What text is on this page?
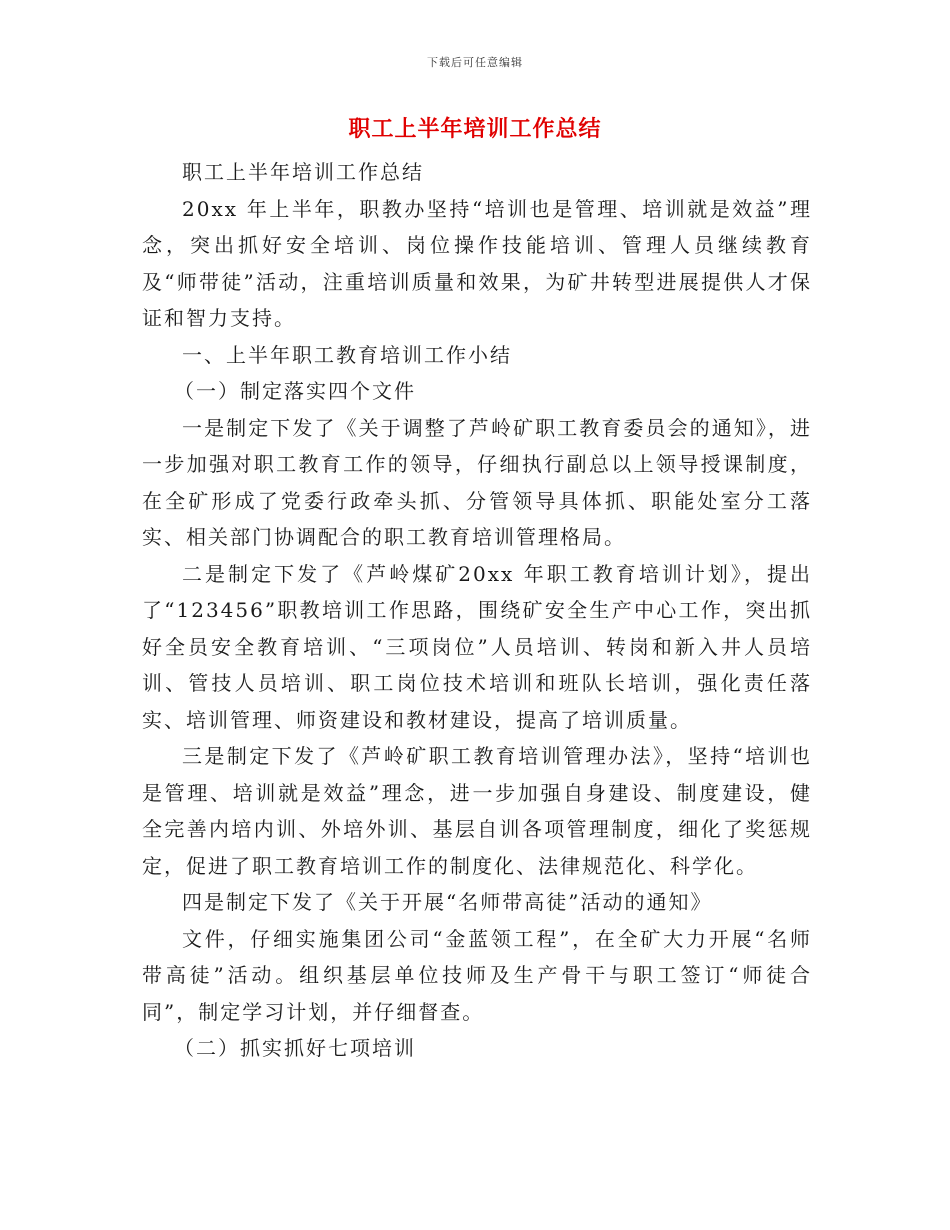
下载后可任意编辑
职工上半年培训工作总结

职工上半年培训工作总结

20xx 年上半年，职教办坚持“培训也是管理、培训就是效益”理念，突出抓好安全培训、岗位操作技能培训、管理人员继续教育及“师带徒”活动，注重培训质量和效果，为矿井转型进展提供人才保证和智力支持。

一、上半年职工教育培训工作小结

（一）制定落实四个文件

一是制定下发了《关于调整了芦岭矿职工教育委员会的通知》，进一步加强对职工教育工作的领导，仔细执行副总以上领导授课制度，在全矿形成了党委行政牵头抓、分管领导具体抓、职能处室分工落实、相关部门协调配合的职工教育培训管理格局。

二是制定下发了《芦岭煤矿20xx 年职工教育培训计划》，提出了“123456”职教培训工作思路，围绕矿安全生产中心工作，突出抓好全员安全教育培训、“三项岗位”人员培训、转岗和新入井人员培训、管技人员培训、职工岗位技术培训和班队长培训，强化责任落实、培训管理、师资建设和教材建设，提高了培训质量。

三是制定下发了《芦岭矿职工教育培训管理办法》，坚持“培训也是管理、培训就是效益”理念，进一步加强自身建设、制度建设，健全完善内培内训、外培外训、基层自训各项管理制度，细化了奖惩规定，促进了职工教育培训工作的制度化、法律规范化、科学化。

四是制定下发了《关于开展“名师带高徒”活动的通知》

文件，仔细实施集团公司“金蓝领工程”，在全矿大力开展“名师带高徒”活动。组织基层单位技师及生产骨干与职工签订“师徒合同”，制定学习计划，并仔细督查。

（二）抓实抓好七项培训
